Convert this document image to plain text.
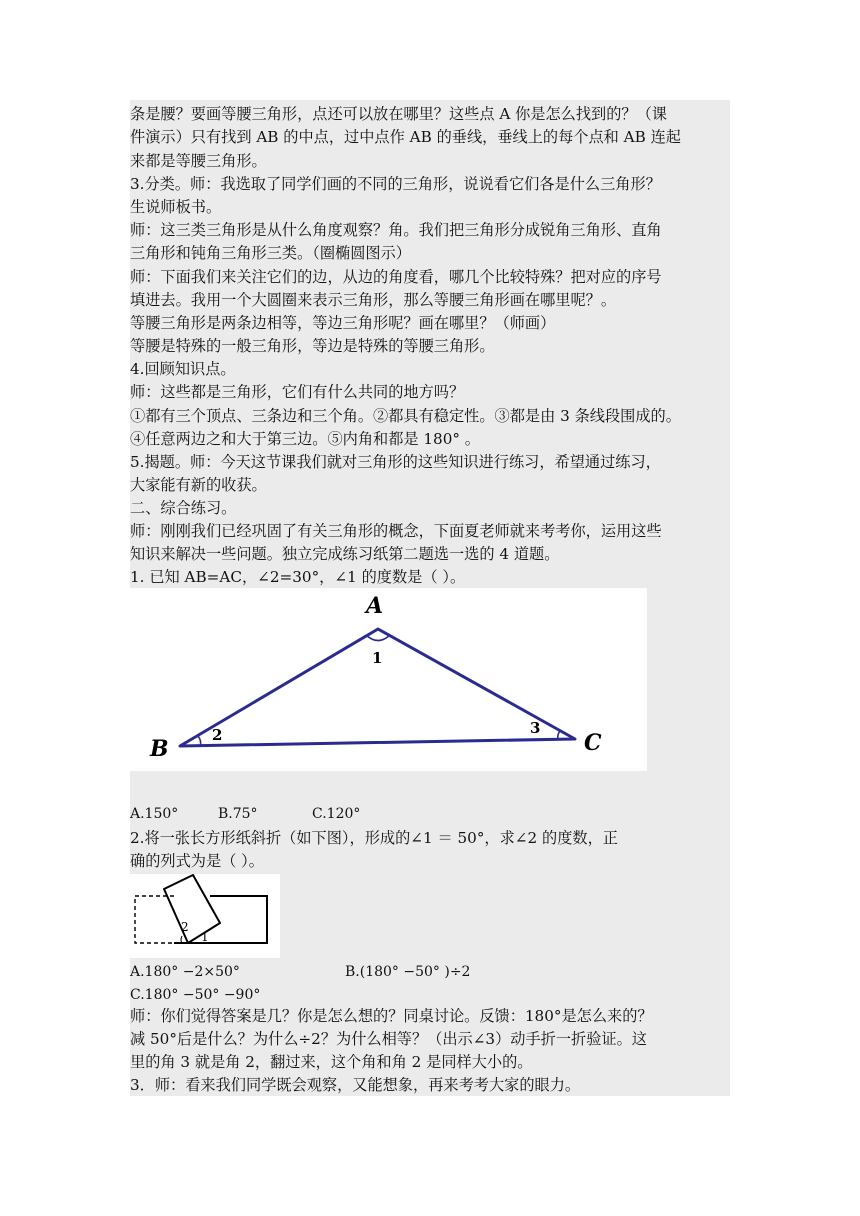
条是腰？要画等腰三角形，点还可以放在哪里？这些点 A 你是怎么找到的？（课
件演示）只有找到 AB 的中点，过中点作 AB 的垂线，垂线上的每个点和 AB 连起
来都是等腰三角形。
3.分类。师：我选取了同学们画的不同的三角形，说说看它们各是什么三角形？
生说师板书。
师：这三类三角形是从什么角度观察？角。我们把三角形分成锐角三角形、直角
三角形和钝角三角形三类。（圈椭圆图示）
师：下面我们来关注它们的边，从边的角度看，哪几个比较特殊？把对应的序号
填进去。我用一个大圆圈来表示三角形，那么等腰三角形画在哪里呢？。
等腰三角形是两条边相等，等边三角形呢？画在哪里？（师画）
等腰是特殊的一般三角形，等边是特殊的等腰三角形。
4.回顾知识点。
师：这些都是三角形，它们有什么共同的地方吗？
①都有三个顶点、三条边和三个角。②都具有稳定性。③都是由 3 条线段围成的。
④任意两边之和大于第三边。⑤内角和都是 180° 。
5.揭题。师：今天这节课我们就对三角形的这些知识进行练习，希望通过练习，
大家能有新的收获。
二、综合练习。
师：刚刚我们已经巩固了有关三角形的概念，下面夏老师就来考考你，运用这些
知识来解决一些问题。独立完成练习纸第二题选一选的 4 道题。
1. 已知 AB=AC，∠2=30°，∠1 的度数是（ ）。
A
B	C
1
2	3
A.150°	B.75°	C.120°
2.将一张长方形纸斜折（如下图），形成的∠1 ＝ 50°，求∠2 的度数，正
确的列式为是（ ）。
2
1
A.180° −2×50°	B.(180° −50° )÷2
C.180° −50° −90°
师：你们觉得答案是几？你是怎么想的？同桌讨论。反馈：180°是怎么来的？
减 50°后是什么？为什么÷2？为什么相等？（出示∠3）动手折一折验证。这
里的角 3 就是角 2，翻过来，这个角和角 2 是同样大小的。
3．师：看来我们同学既会观察，又能想象，再来考考大家的眼力。
